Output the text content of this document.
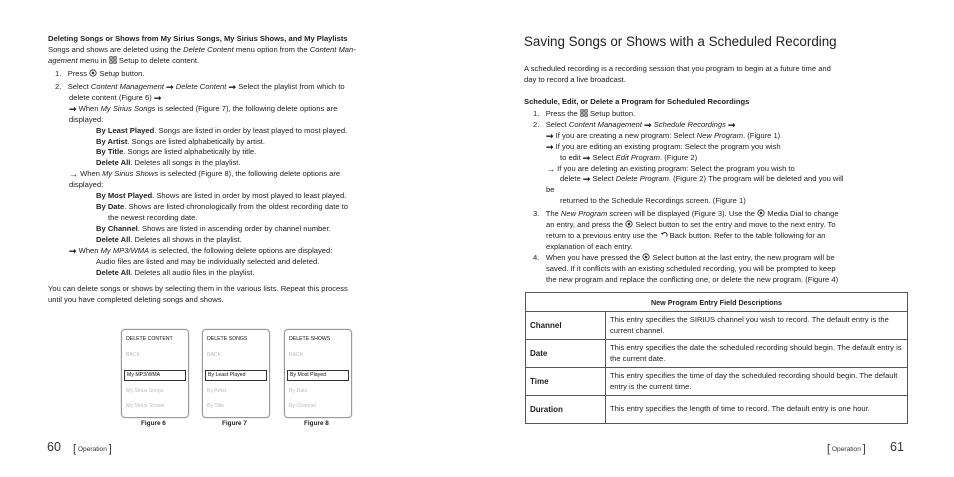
Deleting Songs or Shows from My Sirius Songs, My Sirius Shows, and My Playlists
Songs and shows are deleted using the Delete Content menu option from the Content Man-
agement menu in  Setup to delete content.
1. Press  Setup button.
2. Select Content Management ➞ Delete Content ➞ Select the playlist from which to
delete content (Figure 6) ➞
➞ When My Sirius Songs is selected (Figure 7), the following delete options are
displayed:
By Least Played. Songs are listed in order by least played to most played.
By Artist. Songs are listed alphabetically by artist.
By Title. Songs are listed alphabetically by title.
Delete All. Deletes all songs in the playlist.
→ When My Sirius Shows is selected (Figure 8), the following delete options are
displayed:
By Most Played. Shows are listed in order by most played to least played.
By Date. Shows are listed chronologically from the oldest recording date to
the newest recording date.
By Channel. Shows are listed in ascending order by channel number.
Delete All. Deletes all shows in the playlist.
➞ When My MP3/WMA is selected, the following delete options are displayed:
Audio files are listed and may be individually selected and deleted.
Delete All. Deletes all audio files in the playlist.
You can delete songs or shows by selecting them in the various lists. Repeat this process
until you have completed deleting songs and shows.
DELETE CONTENT
BACK
My MP3/WMA
My Sirius Songs
My Sirius Shows
Figure 6
DELETE SONGS
BACK
By Least Played
By Artist
By Title
Figure 7
DELETE SHOWS
BACK
By Most Played
By Date
By Channel
Figure 8
60 [ Operation ]
Saving Songs or Shows with a Scheduled Recording
A scheduled recording is a recording session that you program to begin at a future time and
day to record a live broadcast.
Schedule, Edit, or Delete a Program for Scheduled Recordings
1. Press the  Setup button.
2. Select Content Management ➞ Schedule Recordings ➞
➞ If you are creating a new program: Select New Program. (Figure 1)
➞ If you are editing an existing program: Select the program you wish
to edit ➞ Select Edit Program. (Figure 2)
→ If you are deleting an existing program: Select the program you wish to
delete ➞ Select Delete Program. (Figure 2) The program will be deleted and you will
be
returned to the Schedule Recordings screen. (Figure 1)
3. The New Program screen will be displayed (Figure 3). Use the  Media Dial to change
an entry, and press the  Select button to set the entry and move to the next entry. To
return to a previous entry use the  Back button. Refer to the table following for an
explanation of each entry.
4. When you have pressed the  Select button at the last entry, the new program will be
saved. If it conflicts with an existing scheduled recording, you will be prompted to keep
the new program and replace the conflicting one, or delete the new program. (Figure 4)
New Program Entry Field Descriptions	
Channel	This entry specifies the SIRIUS channel you wish to record. The default entry is the current channel.
Date	This entry specifies the date the scheduled recording should begin. The default entry is the current date.
Time	This entry specifies the time of day the scheduled recording should begin. The default entry is the current time.
Duration	This entry specifies the length of time to record. The default entry is one hour.
[ Operation ] 61
